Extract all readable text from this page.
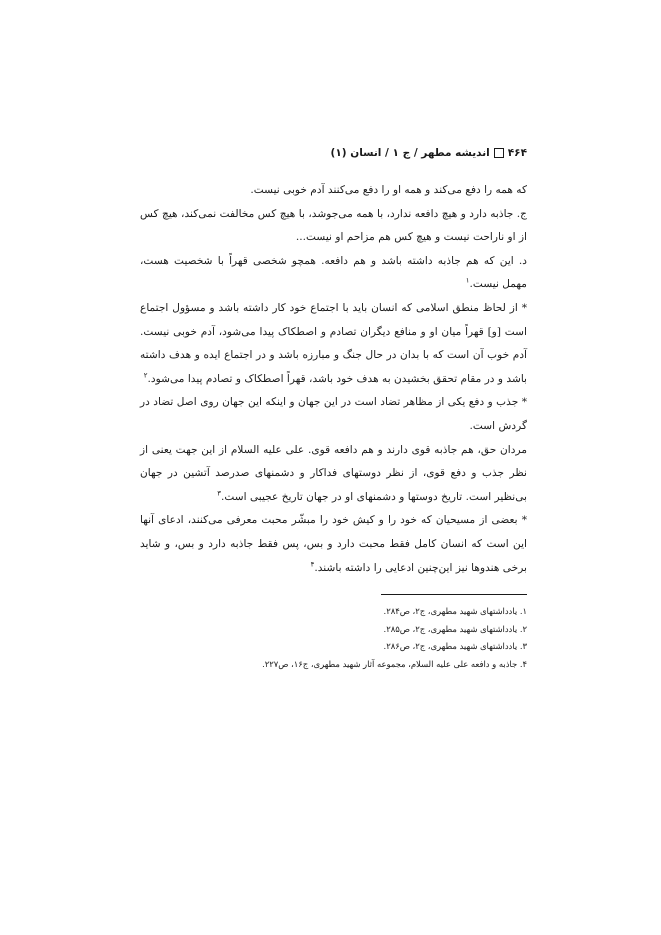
۴۶۴
اندیشه مطهر / ج ۱ / انسان (۱)

که همه را دفع می‌کند و همه او را دفع می‌کنند آدم خوبی نیست.

ج. جاذبه دارد و هیچ دافعه ندارد، با همه می‌جوشد، با هیچ کس مخالفت نمی‌کند، هیچ کس از او ناراحت نیست و هیچ کس هم مزاحم او نیست...

د. این که هم جاذبه داشته باشد و هم دافعه. همچو شخصی قهراً با شخصیت هست، مهمل نیست.$^۱$

* از لحاظ منطق اسلامی که انسان باید با اجتماع خود کار داشته باشد و مسؤول اجتماع است [و] قهراً میان او و منافع دیگران تصادم و اصطکاک پیدا می‌شود، آدم خوبی نیست. آدم خوب آن است که با بدان در حال جنگ و مبارزه باشد و در اجتماع ایده و هدف داشته باشد و در مقام تحقق بخشیدن به هدف خود باشد، قهراً اصطکاک و تصادم پیدا می‌شود.$^۲$

* جذب و دفع یکی از مظاهر تضاد است در این جهان و اینکه این جهان روی اصل تضاد در گردش است.

مردان حق، هم جاذبه قوی دارند و هم دافعه قوی. علی علیه السلام از این جهت یعنی از نظر جذب و دفع قوی، از نظر دوستهای فداکار و دشمنهای صدرصد آتشین در جهان بی‌نظیر است. تاریخ دوستها و دشمنهای او در جهان تاریخ عجیبی است.$^۳$

* بعضی از مسیحیان که خود را و کیش خود را مبشّر محبت معرفی می‌کنند، ادعای آنها این است که انسان کامل فقط محبت دارد و بس، پس فقط جاذبه دارد و بس، و شاید برخی هندوها نیز این‌چنین ادعایی را داشته باشند.$^۴$

۱. یادداشتهای شهید مطهری، ج۲، ص۲۸۴.

۲. یادداشتهای شهید مطهری، ج۲، ص۲۸۵.

۳. یادداشتهای شهید مطهری، ج۲، ص۲۸۶.

۴. جاذبه و دافعه علی علیه السلام، مجموعه آثار شهید مطهری، ج۱۶، ص۲۲۷.
